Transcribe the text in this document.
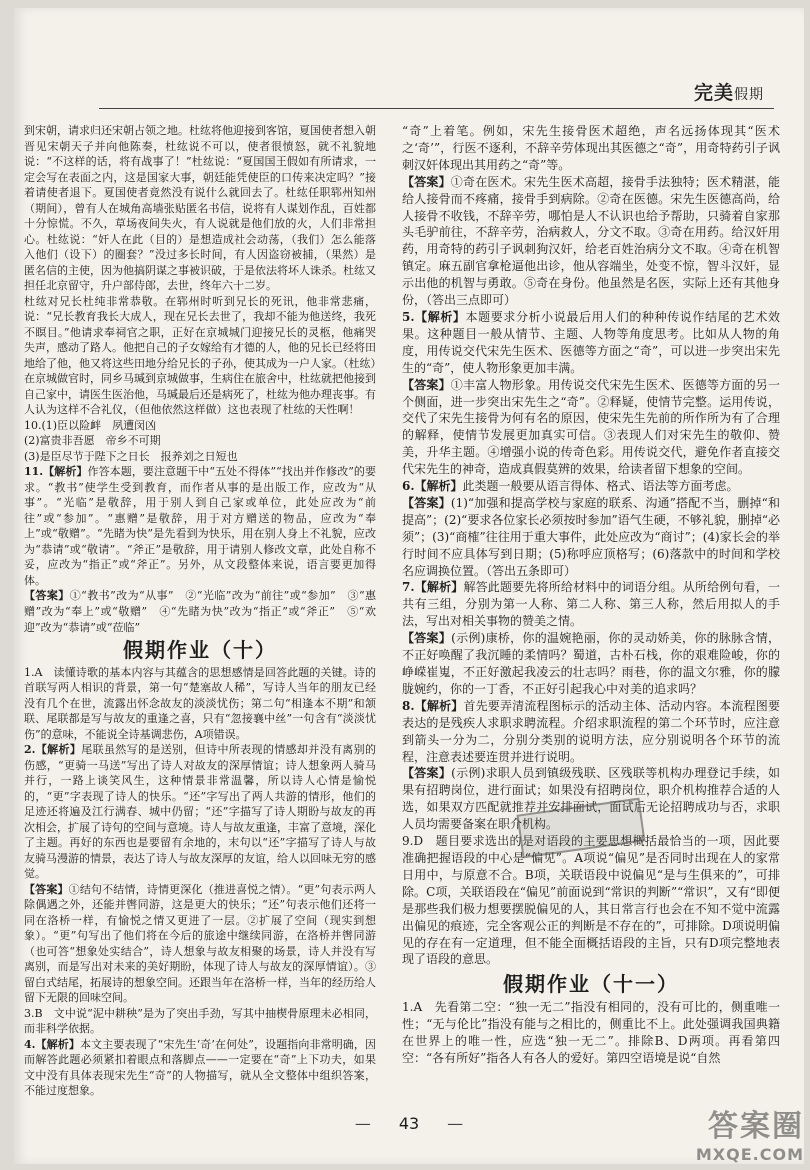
完美假期

到宋朝，请求归还宋朝占领之地。杜纮将他迎接到客馆，夏国使者想入朝晋见宋朝天子并向他陈奏，杜纮说不可以，使者很愤怒，就不礼貌地说：“不这样的话，将有战事了！”杜纮说：“夏国国王假如有所请求，一定会写在表面之内，这是国家大事，朝廷能凭使臣的口传来决定吗？”接着请使者退下。夏国使者竟然没有说什么就回去了。杜纮任职郓州知州（期间），曾有人在城角高墙张贴匿名书信，说将有人谋划作乱，百姓都十分惊慌。不久，草场夜间失火，有人说就是他们放的火，人们非常担心。杜纮说：“奸人在此（目的）是想造成社会动荡，（我们）怎么能落入他们（设下）的圈套？”没过多长时间，有人因盗窃被捕，（果然）是匿名信的主使，因为他搞阴谋之事被识破，于是依法将坏人诛杀。杜纮又担任北京留守，升户部侍郎，去世，终年六十二岁。

杜纮对兄长杜纯非常恭敬。在郓州时听到兄长的死讯，他非常悲痛，说：“兄长教育我长大成人，现在兄长去世了，我却不能为他送终，我死不瞑目。”他请求奉祠官之职，正好在京城城门迎接兄长的灵柩，他痛哭失声，感动了路人。他把自己的子女嫁给有才德的人，他的兄长已经将田地给了他，他又将这些田地分给兄长的子孙，使其成为一户人家。（杜纮）在京城做官时，同乡马瑊到京城做事，生病住在旅舍中，杜纮就把他接到自己家中，请医生医治他，马瑊最后还是病死了，杜纮为他办理丧事。有人认为这样不合礼仪，（但他依然这样做）这也表现了杜纮的天性啊！

10.(1)臣以险衅　夙遭闵凶

(2)富贵非吾愿　帝乡不可期

(3)是臣尽节于陛下之日长　报养刘之日短也

11.【解析】作答本题，要注意题干中“五处不得体”“找出并作修改”的要求。“教书”使学生受到教育，而作者从事的是出版工作，应改为“从事”。“光临”是敬辞，用于别人到自己家或单位，此处应改为“前往”或“参加”。“惠赠”是敬辞，用于对方赠送的物品，应改为“奉上”或“敬赠”。“先睹为快”是先看到为快乐，用在别人身上不礼貌，应改为“恭请”或“敬请”。“斧正”是敬辞，用于请别人修改文章，此处自称不妥，应改为“指正”或“斧正”。另外，从文段整体来说，语言要更加得体。

【答案】①“教书”改为“从事”　②“光临”改为“前往”或“参加”　③“惠赠”改为“奉上”或“敬赠”　④“先睹为快”改为“指正”或“斧正”　⑤“欢迎”改为“恭请”或“莅临”

假期作业（十）

1.A　读懂诗歌的基本内容与其蕴含的思想感情是回答此题的关键。诗的首联写两人相识的背景，第一句“楚塞故人稀”，写诗人当年的朋友已经没有几个在世，流露出怀念故友的淡淡忧伤；第二句“相逢本不期”和颔联、尾联都是写与故友的重逢之喜，只有“忽接襄中丝”一句含有“淡淡忧伤”的意味，不能说全诗基调悲伤，A项错误。

2.【解析】尾联虽然写的是送别，但诗中所表现的情感却并没有离别的伤感，“更骑一马送”写出了诗人对故友的深厚情谊；诗人想象两人骑马并行，一路上谈笑风生，这种情景非常温馨，所以诗人心情是愉悦的，“更”字表现了诗人的快乐。“还”字写出了两人共游的情形，他们的足迹还将遍及江行满春、城中仍留；“还”字描写了诗人期盼与故友的再次相会，扩展了诗句的空间与意境。诗人与故友重逢，丰富了意境，深化了主题。再好的东西也是要留有余地的，末句以“还”字描写了诗人与故友骑马漫游的情景，表达了诗人与故友深厚的友谊，给人以回味无穷的感觉。

【答案】①结句不结情，诗情更深化（推进喜悦之情）。“更”句表示两人除偶遇之外，还能并辔同游，这是更大的快乐；“还”句表示他们还将一同在洛桥一样，有愉悦之情又更进了一层。②扩展了空间（现实到想象）。“更”句写出了他们将在今后的旅途中继续同游，在洛桥并辔同游（也可答“想象处实结合”，诗人想象与故友相聚的场景，诗人并没有写离别，而是写出对未来的美好期盼，体现了诗人与故友的深厚情谊）。③留白式结尾，拓展诗的想象空间。还跟当年在洛桥一样，当年的经历给人留下无限的回味空间。

3.B　文中说“泥中耕秧”是为了突出手劲，写其中抽楔骨原理未必相同，而非科学依据。

4.【解析】本文主要表现了“宋先生‘奇’在何处”，设题指向非常明确，因而解答此题必须紧扣着眼点和落脚点——一定要在“奇”上下功夫，如果文中没有具体表现宋先生“奇”的人物描写，就从全文整体中组织答案，不能过度想象。

“奇”上着笔。例如，宋先生接骨医术超绝，声名远扬体现其“医术之‘奇’”，行医不逐利，不辞辛劳体现出其医德之“奇”，用奇特药引子讽刺汉奸体现出其用药之“奇”等。

【答案】①奇在医术。宋先生医术高超，接骨手法独特；医术精湛，能给人接骨而不疼痛，接骨手到病除。②奇在医德。宋先生医德高尚，给人接骨不收钱，不辞辛劳，哪怕是人不认识也给予帮助，只骑着自家那头毛驴前往，不辞辛劳，治病救人，分文不取。③奇在用药。给汉奸用药，用奇特的药引子讽刺狗汉奸，给老百姓治病分文不取。④奇在机智镇定。麻五副官拿枪逼他出诊，他从容端坐，处变不惊，智斗汉奸，显示出他的机智与勇敢。⑤奇在身份。他虽然是名医，实际上还有其他身份，（答出三点即可）

5.【解析】本题要求分析小说最后用人们的种种传说作结尾的艺术效果。这种题目一般从情节、主题、人物等角度思考。比如从人物的角度，用传说交代宋先生医术、医德等方面之“奇”，可以进一步突出宋先生的“奇”，使人物形象更加丰满。

【答案】①丰富人物形象。用传说交代宋先生医术、医德等方面的另一个侧面，进一步突出宋先生之“奇”。②释疑，使情节完整。运用传说，交代了宋先生接骨为何有名的原因，使宋先生先前的所作所为有了合理的解释，使情节发展更加真实可信。③表现人们对宋先生的敬仰、赞美，升华主题。④增强小说的传奇色彩。用传说交代，避免作者直接交代宋先生的神奇，造成真假莫辨的效果，给读者留下想象的空间。

6.【解析】此类题一般要从语言得体、格式、语法等方面考虑。

【答案】(1)“加强和提高学校与家庭的联系、沟通”搭配不当，删掉“和提高”；(2)“要求各位家长必须按时参加”语气生硬，不够礼貌，删掉“必须”；(3)“商榷”往往用于重大事件，此处应改为“商讨”；(4)家长会的举行时间不应具体写到日期；(5)称呼应顶格写；(6)落款中的时间和学校名应调换位置。（答出五条即可）

7.【解析】解答此题要先将所给材料中的词语分组。从所给例句看，一共有三组，分别为第一人称、第二人称、第三人称，然后用拟人的手法，写出对相关事物的赞美之情。

【答案】(示例)康桥，你的温婉艳丽，你的灵动娇美，你的脉脉含情，不正好唤醒了我沉睡的柔情吗？蜀道，古朴石栈，你的艰难险峻，你的峥嵘崔嵬，不正好激起我凌云的壮志吗？雨巷，你的温文尔雅，你的朦胧婉约，你的一丁香，不正好引起我心中对美的追求吗？

8.【解析】首先要弄清流程图标示的活动主体、活动内容。本流程图要表达的是残疾人求职求聘流程。介绍求职流程的第二个环节时，应注意到箭头一分为二，分别分类别的说明方法，应分别说明各个环节的流程，注意表述要连贯并进行说明。

【答案】(示例)求职人员到镇级残联、区残联等机构办理登记手续，如果有招聘岗位，进行面试；如果没有招聘岗位，职介机构推荐合适的人选，如果双方匹配就推荐并安排面试，面试后无论招聘成功与否，求职人员均需要备案在职介机构。

9.D　题目要求选出的是对语段的主要思想概括最恰当的一项，因此要准确把握语段的中心是“偏见”。A项说“偏见”是否同时出现在人的家常日用中，与原意不合。B项，关联语段中说偏见“是与生俱来的”，可排除。C项，关联语段在“偏见”前面说到“常识的判断”“常识”，又有“即便是那些我们极力想要摆脱偏见的人，其日常言行也会在不知不觉中流露出偏见的痕迹，完全客观公正的判断是不存在的”，可排除。D项说明偏见的存在有一定道理，但不能全面概括语段的主旨，只有D项完整地表现了语段的意思。

假期作业（十一）

1.A　先看第二空：“独一无二”指没有相同的，没有可比的，侧重唯一性；“无与伦比”指没有能与之相比的，侧重比不上。此处强调我国典籍在世界上的唯一性，应选“独一无二”。排除B、D两项。再看第四空：“各有所好”指各人有各人的爱好。第四空语境是说“自然

— 43 —	答案圈
MXQE.COM
